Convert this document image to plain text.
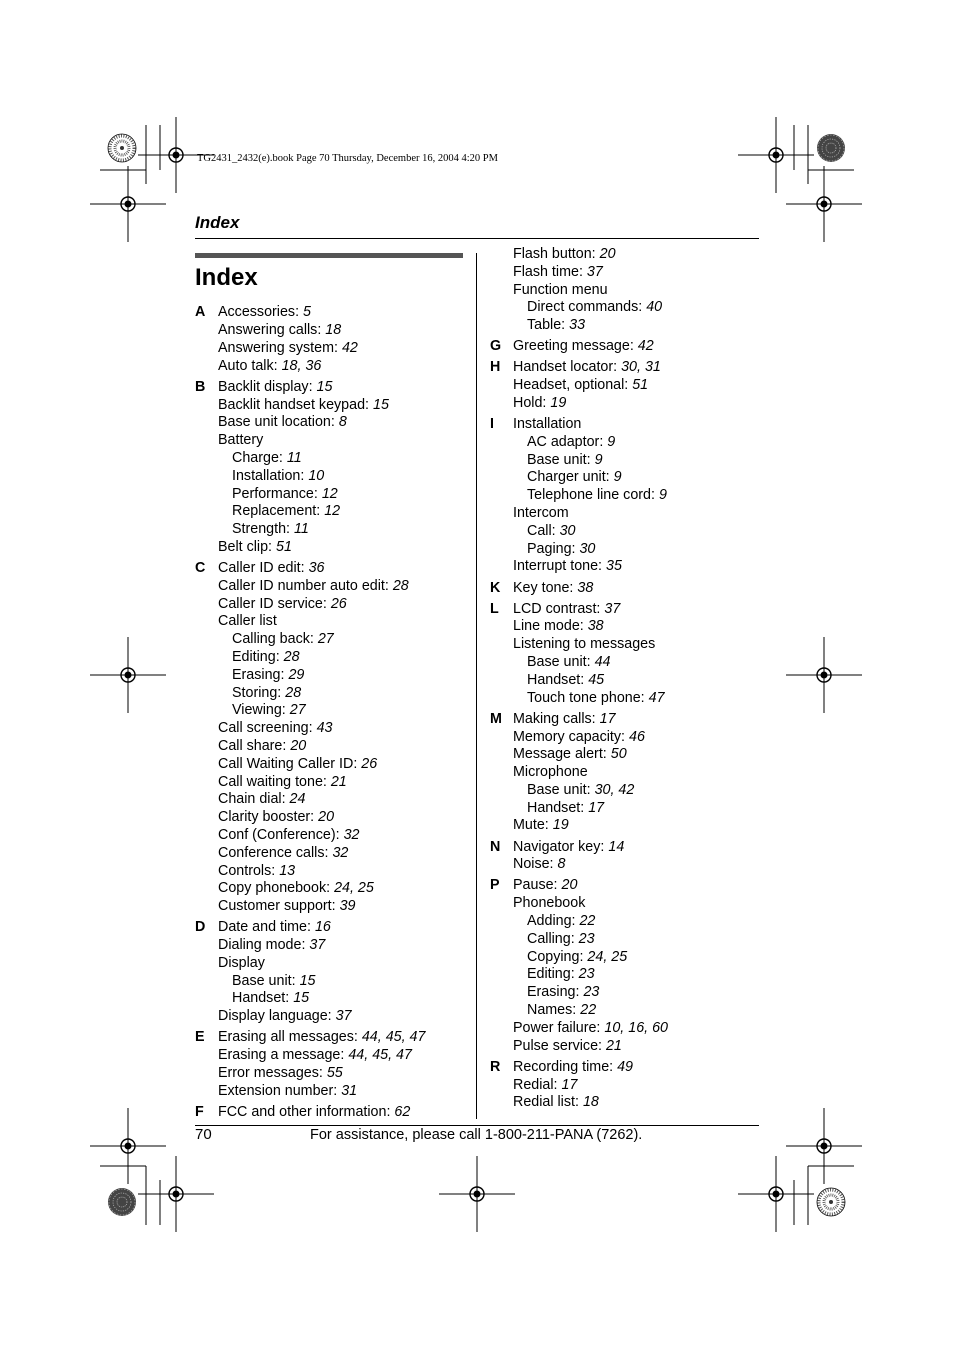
TG2431_2432(e).book Page 70 Thursday, December 16, 2004 4:20 PM
Index
Index
A Accessories: 5
Answering calls: 18
Answering system: 42
Auto talk: 18, 36
B Backlit display: 15
Backlit handset keypad: 15
Base unit location: 8
Battery
Charge: 11
Installation: 10
Performance: 12
Replacement: 12
Strength: 11
Belt clip: 51
C Caller ID edit: 36
Caller ID number auto edit: 28
Caller ID service: 26
Caller list
Calling back: 27
Editing: 28
Erasing: 29
Storing: 28
Viewing: 27
Call screening: 43
Call share: 20
Call Waiting Caller ID: 26
Call waiting tone: 21
Chain dial: 24
Clarity booster: 20
Conf (Conference): 32
Conference calls: 32
Controls: 13
Copy phonebook: 24, 25
Customer support: 39
D Date and time: 16
Dialing mode: 37
Display
Base unit: 15
Handset: 15
Display language: 37
E Erasing all messages: 44, 45, 47
Erasing a message: 44, 45, 47
Error messages: 55
Extension number: 31
F FCC and other information: 62
Flash button: 20
Flash time: 37
Function menu
Direct commands: 40
Table: 33
G Greeting message: 42
H Handset locator: 30, 31
Headset, optional: 51
Hold: 19
I Installation
AC adaptor: 9
Base unit: 9
Charger unit: 9
Telephone line cord: 9
Intercom
Call: 30
Paging: 30
Interrupt tone: 35
K Key tone: 38
L LCD contrast: 37
Line mode: 38
Listening to messages
Base unit: 44
Handset: 45
Touch tone phone: 47
M Making calls: 17
Memory capacity: 46
Message alert: 50
Microphone
Base unit: 30, 42
Handset: 17
Mute: 19
N Navigator key: 14
Noise: 8
P Pause: 20
Phonebook
Adding: 22
Calling: 23
Copying: 24, 25
Editing: 23
Erasing: 23
Names: 22
Power failure: 10, 16, 60
Pulse service: 21
R Recording time: 49
Redial: 17
Redial list: 18
70	For assistance, please call 1-800-211-PANA (7262).
